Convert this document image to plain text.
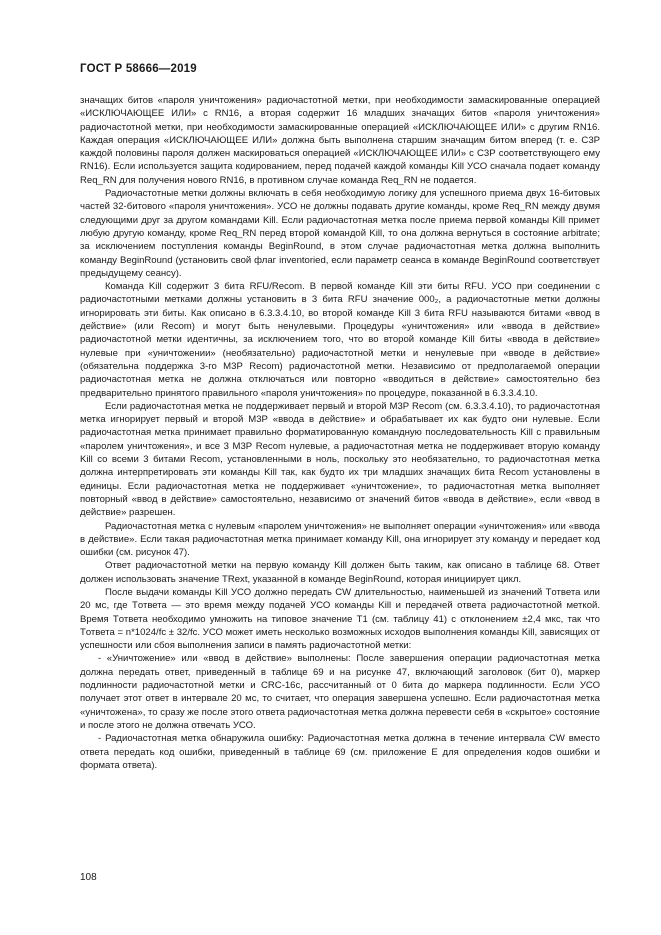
ГОСТ Р 58666—2019

значащих битов «пароля уничтожения» радиочастотной метки, при необходимости замаскированные операцией «ИСКЛЮЧАЮЩЕЕ ИЛИ» с RN16, а вторая содержит 16 младших значащих битов «пароля уничтожения» радиочастотной метки, при необходимости замаскированные операцией «ИСКЛЮЧАЮЩЕЕ ИЛИ» с другим RN16. Каждая операция «ИСКЛЮЧАЮЩЕЕ ИЛИ» должна быть выполнена старшим значащим битом вперед (т. е. С3Р каждой половины пароля должен маскироваться операцией «ИСКЛЮЧАЮЩЕЕ ИЛИ» с С3Р соответствующего ему RN16). Если используется защита кодированием, перед подачей каждой команды Kill УСО сначала подает команду Req_RN для получения нового RN16, в противном случае команда Req_RN не подается.

Радиочастотные метки должны включать в себя необходимую логику для успешного приема двух 16-битовых частей 32-битового «пароля уничтожения». УСО не должны подавать другие команды, кроме Req_RN между двумя следующими друг за другом командами Kill. Если радиочастотная метка после приема первой команды Kill примет любую другую команду, кроме Req_RN перед второй командой Kill, то она должна вернуться в состояние arbitrate; за исключением поступления команды BeginRound, в этом случае радиочастотная метка должна выполнить команду BeginRound (установить свой флаг inventoried, если параметр сеанса в команде BeginRound соответствует предыдущему сеансу).

Команда Kill содержит 3 бита RFU/Recom. В первой команде Kill эти биты RFU. УСО при соединении с радиочастотными метками должны установить в 3 бита RFU значение 000₂, а радиочастотные метки должны игнорировать эти биты. Как описано в 6.3.3.4.10, во второй команде Kill 3 бита RFU называются битами «ввод в действие» (или Recom) и могут быть ненулевыми. Процедуры «уничтожения» или «ввода в действие» радиочастотной метки идентичны, за исключением того, что во второй команде Kill биты «ввода в действие» нулевые при «уничтожении» (необязательно) радиочастотной метки и ненулевые при «вводе в действие» (обязательна поддержка 3-го М3Р Recom) радиочастотной метки. Независимо от предполагаемой операции радиочастотная метка не должна отключаться или повторно «вводиться в действие» самостоятельно без предварительно принятого правильного «пароля уничтожения» по процедуре, показанной в 6.3.3.4.10.

Если радиочастотная метка не поддерживает первый и второй М3Р Recom (см. 6.3.3.4.10), то радиочастотная метка игнорирует первый и второй М3Р «ввода в действие» и обрабатывает их как будто они нулевые. Если радиочастотная метка принимает правильно форматированную командную последовательность Kill с правильным «паролем уничтожения», и все 3 М3Р Recom нулевые, а радиочастотная метка не поддерживает вторую команду Kill со всеми 3 битами Recom, установленными в ноль, поскольку это необязательно, то радиочастотная метка должна интерпретировать эти команды Kill так, как будто их три младших значащих бита Recom установлены в единицы. Если радиочастотная метка не поддерживает «уничтожение», то радиочастотная метка выполняет повторный «ввод в действие» самостоятельно, независимо от значений битов «ввода в действие», если «ввод в действие» разрешен.

Радиочастотная метка с нулевым «паролем уничтожения» не выполняет операции «уничтожения» или «ввода в действие». Если такая радиочастотная метка принимает команду Kill, она игнорирует эту команду и передает код ошибки (см. рисунок 47).

Ответ радиочастотной метки на первую команду Kill должен быть таким, как описано в таблице 68. Ответ должен использовать значение TRext, указанной в команде BeginRound, которая инициирует цикл.

После выдачи команды Kill УСО должно передать CW длительностью, наименьшей из значений Tответа или 20 мс, где Tответа — это время между подачей УСО команды Kill и передачей ответа радиочастотной меткой. Время Tответа необходимо умножить на типовое значение T1 (см. таблицу 41) с отклонением ±2,4 мкс, так что Tответа = n*1024/fс ± 32/fс. УСО может иметь несколько возможных исходов выполнения команды Kill, зависящих от успешности или сбоя выполнения записи в память радиочастотной метки:

- «Уничтожение» или «ввод в действие» выполнены: После завершения операции радиочастотная метка должна передать ответ, приведенный в таблице 69 и на рисунке 47, включающий заголовок (бит 0), маркер подлинности радиочастотной метки и CRC-16c, рассчитанный от 0 бита до маркера подлинности. Если УСО получает этот ответ в интервале 20 мс, то считает, что операция завершена успешно. Если радиочастотная метка «уничтожена», то сразу же после этого ответа радиочастотная метка должна перевести себя в «скрытое» состояние и после этого не должна отвечать УСО.

- Радиочастотная метка обнаружила ошибку: Радиочастотная метка должна в течение интервала CW вместо ответа передать код ошибки, приведенный в таблице 69 (см. приложение Е для определения кодов ошибки и формата ответа).

108
